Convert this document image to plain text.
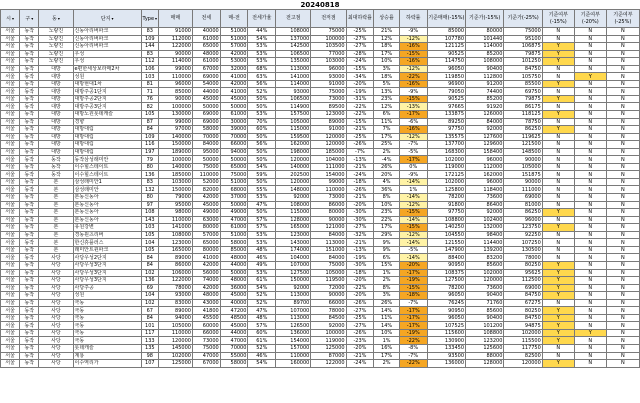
20240818
시▾	구▾	동▾	단지▾	Type▾	매매	전세	매-전	전세가율	전고점	전저점	최대하락률	상승률	하락률	기준매매(-15%)	기준가(-15%)	기준가(-25%)	기준여부(-15%)	기준여부(-20%)	기준여부(-25%)
서울	동작	노량진	신동아리버파크	83	91000	40000	51000	44%	108000	75000	-25%	21%	-9%	85000	80000	75000	N	N	N
서울	동작	노량진	신동아리버파크	109	112000	61000	51000	54%	137000	100000	-27%	12%	-12%	107780	101440	95100	N	N	N
서울	동작	노량진	신동아리버파크	144	122000	65000	57000	53%	142500	103500	-27%	18%	-16%	121125	114000	106875	Y	N	N
서울	동작	노량진	우성	83	90000	48000	42000	53%	106500	77000	-28%	17%	-15%	90525	85200	79875	Y	N	N
서울	동작	노량진	우성	112	114000	61000	53000	53%	135000	103000	-24%	10%	-16%	114750	108000	101250	Y	N	N
서울	동작	대방	e편한세상보라매2차	106	99000	67000	32000	68%	113000	96000	-15%	3%	-12%	96050	90400	84750	N	N	N
서울	동작	대방	성원	103	110000	69000	41000	63%	141000	93000	-34%	18%	-22%	119850	112800	105750	N	Y	N
서울	동작	대방	대방현대1차	81	96000	54000	42000	56%	114000	91000	-20%	5%	-16%	96900	91200	85500	Y	N	N
서울	동작	대방	대방주공1단지	71	85000	44000	41000	52%	93000	75000	-19%	13%	-9%	79050	74400	69750	N	N	N
서울	동작	대방	대방주공2단지	76	90000	45000	45000	50%	106500	73000	-31%	23%	-15%	90525	85200	79875	Y	N	N
서울	동작	대방	대방주공3단지	82	100000	50000	50000	50%	114900	89500	-22%	12%	-13%	97665	91920	86175	N	N	N
서울	동작	대방	대방노원롯데캐슬	105	130000	69000	61000	53%	157500	123000	-22%	6%	-17%	133875	126000	118125	Y	N	N
서울	동작	대방	경향	87	99000	69000	30000	70%	105000	89000	-15%	11%	-6%	89250	84000	78750	N	N	N
서울	동작	대방	대방대림	84	97000	58000	39000	60%	115000	91000	-21%	7%	-16%	97750	92000	86250	Y	N	N
서울	동작	대방	대방대림	109	140000	70000	70000	50%	159500	120000	-25%	17%	-12%	135575	127600	119625	N	N	N
서울	동작	대방	대방대림	116	150000	84000	66000	56%	162000	120000	-26%	25%	-7%	137700	129600	121500	N	N	N
서울	동작	대방	대방대림	197	189000	95000	94000	50%	198000	185000	-7%	2%	-5%	168300	158400	148500	N	N	N
서울	동작	동작	동작삼성래미안	79	100000	50000	50000	50%	120000	104000	-13%	-4%	-17%	102000	96000	90000	N	N	N
서울	동작	동작	이수힐스테이트	80	140000	75000	65000	54%	140000	111000	-21%	26%	0%	119000	112000	105000	N	N	N
서울	동작	동작	이수힐스테이트	136	185000	110000	75000	59%	202500	154000	-24%	20%	-9%	172125	162000	151875	N	N	N
서울	동작	본	삼성래미안1	83	103000	52000	51000	50%	120000	99000	-18%	4%	-14%	102000	96000	90000	N	N	N
서울	동작	본	삼성래미안	132	150000	82000	68000	55%	148000	110000	-26%	36%	1%	125800	118400	111000	N	N	N
서울	동작	본	본동신동아	80	79000	42000	37000	53%	92000	73000	-21%	8%	-14%	78200	73600	69000	N	N	N
서울	동작	본	본동신동아	97	95000	45000	50000	47%	108000	86000	-20%	10%	-12%	91800	86400	81000	N	N	N
서울	동작	본	본동신동아	108	98000	49000	49000	50%	115000	80000	-30%	23%	-15%	97750	92000	86250	Y	N	N
서울	동작	본	본동신동아	143	110000	63000	47000	57%	128000	90000	-30%	22%	-14%	108800	102400	96000	N	N	N
서울	동작	본	유원강변	103	141000	80000	61000	57%	165000	121000	-27%	17%	-15%	140250	132000	123750	Y	N	N
서울	동작	본	경동윈츠리버	105	108000	57000	51000	53%	123000	84000	-32%	29%	-12%	104550	98400	92250	N	N	N
서울	동작	본	한신휴플러스	104	123000	65000	58000	53%	143000	113000	-21%	9%	-14%	121550	114400	107250	N	N	N
서울	동작	본	래미안트윈파크	105	165000	80000	85000	48%	174000	151000	-13%	9%	-5%	147900	139200	130500	N	N	N
서울	동작	사당	사당우성2단지	84	89000	41000	48000	46%	104000	84000	-19%	6%	-14%	88400	83200	78000	N	N	N
서울	동작	사당	사당우성3단지	84	86000	42000	44000	49%	107000	75000	-30%	15%	-20%	90950	85600	80250	Y	N	N
서울	동작	사당	사당우성3단지	102	106000	56000	50000	53%	127500	105000	-18%	1%	-17%	108375	102000	95625	Y	N	N
서울	동작	사당	사당우성3단지	136	122000	74000	48000	61%	150000	119500	-20%	2%	-19%	127500	120000	112500	Y	N	N
서울	동작	사당	사당주공	69	78000	42000	36000	54%	92000	72000	-22%	8%	-15%	78200	73600	69000	Y	N	N
서울	동작	사당	성원	104	93000	48000	45000	52%	113000	90000	-20%	3%	-18%	96050	90400	84750	Y	N	N
서울	동작	사당	극동	102	83000	43000	40000	52%	89700	66000	-26%	26%	-7%	76245	71760	67275	N	N	N
서울	동작	사당	극동	67	89000	41800	47200	47%	107000	78000	-27%	14%	-17%	90950	85600	80250	Y	N	N
서울	동작	사당	극동	84	94000	45500	48500	48%	113000	84500	-25%	11%	-17%	96050	90400	84750	Y	N	N
서울	동작	사당	극동	101	105000	60000	45000	57%	126500	92000	-27%	14%	-17%	107525	101200	94875	Y	N	N
서울	동작	사당	극동	117	110000	66000	44000	60%	136000	100000	-26%	10%	-19%	115600	108800	102000	Y	Y	N
서울	동작	사당	극동	133	120000	73000	47000	61%	154000	119000	-23%	1%	-22%	130900	123200	115500	Y	N	N
서울	동작	사당	롯데캐슬	135	145000	75000	70000	52%	157000	125000	-20%	16%	-8%	133450	125600	117750	N	N	N
서울	동작	사당	계룡	98	102000	47000	55000	46%	110000	87000	-21%	17%	-7%	93500	88000	82500	N	N	N
서울	동작	사당	이수역리가	107	125000	67000	58000	54%	160000	122000	-24%	2%	-22%	136000	128000	120000	Y	N	N
